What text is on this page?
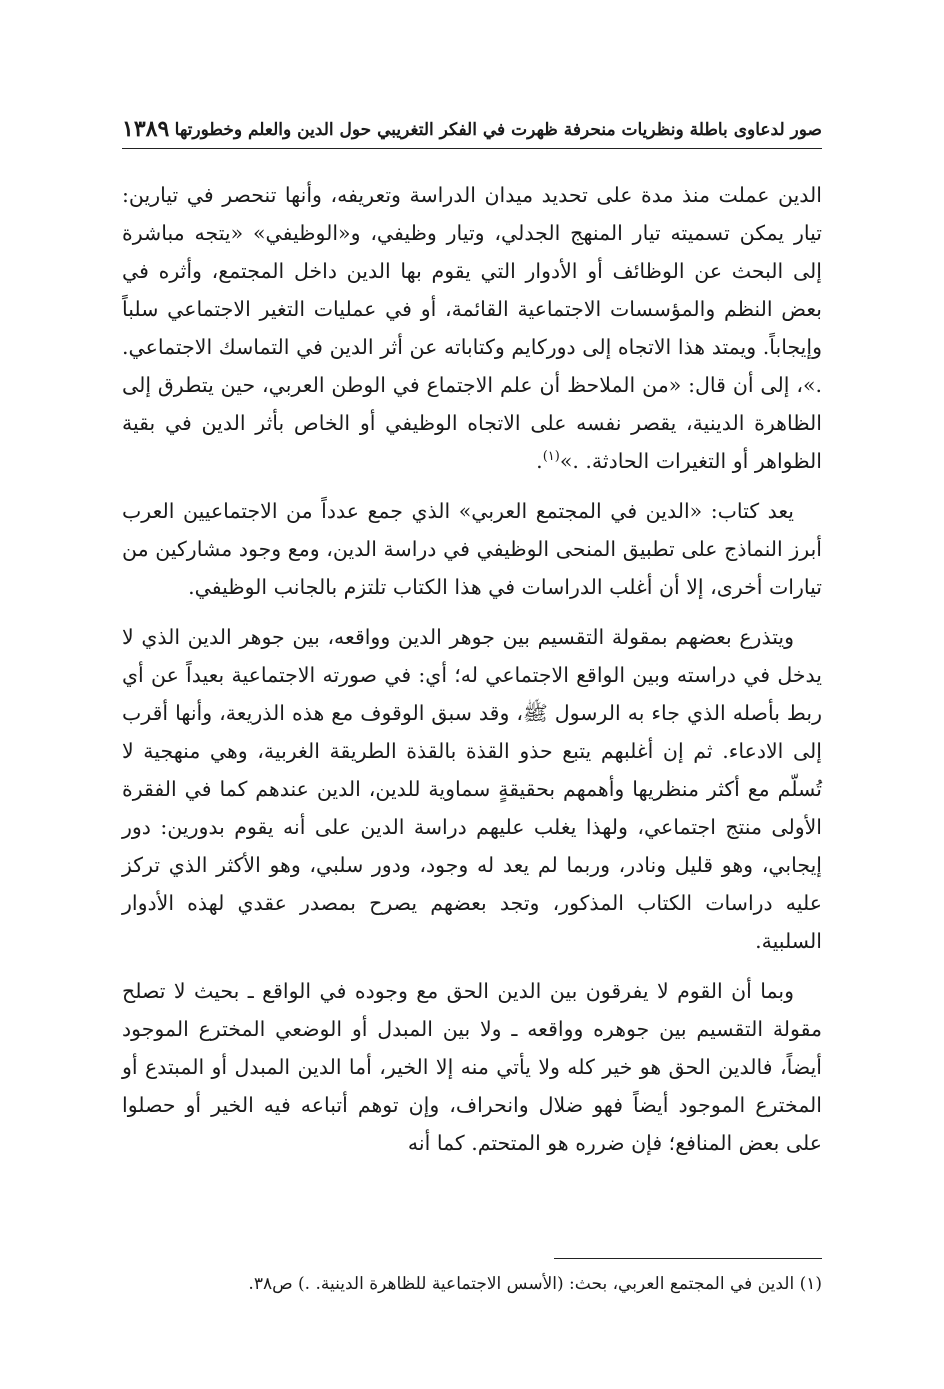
صور لدعاوى باطلة ونظريات منحرفة ظهرت في الفكر التغريبي حول الدين والعلم وخطورتها
١٣٨٩

الدين عملت منذ مدة على تحديد ميدان الدراسة وتعريفه، وأنها تنحصر في تيارين: تيار يمكن تسميته تيار المنهج الجدلي، وتيار وظيفي، و«الوظيفي» «يتجه مباشرة إلى البحث عن الوظائف أو الأدوار التي يقوم بها الدين داخل المجتمع، وأثره في بعض النظم والمؤسسات الاجتماعية القائمة، أو في عمليات التغير الاجتماعي سلباً وإيجاباً. ويمتد هذا الاتجاه إلى دوركايم وكتاباته عن أثر الدين في التماسك الاجتماعي. .»، إلى أن قال: «من الملاحظ أن علم الاجتماع في الوطن العربي، حين يتطرق إلى الظاهرة الدينية، يقصر نفسه على الاتجاه الوظيفي أو الخاص بأثر الدين في بقية الظواهر أو التغيرات الحادثة. .»$^{(١)}$.

يعد كتاب: «الدين في المجتمع العربي» الذي جمع عدداً من الاجتماعيين العرب أبرز النماذج على تطبيق المنحى الوظيفي في دراسة الدين، ومع وجود مشاركين من تيارات أخرى، إلا أن أغلب الدراسات في هذا الكتاب تلتزم بالجانب الوظيفي.

ويتذرع بعضهم بمقولة التقسيم بين جوهر الدين وواقعه، بين جوهر الدين الذي لا يدخل في دراسته وبين الواقع الاجتماعي له؛ أي: في صورته الاجتماعية بعيداً عن أي ربط بأصله الذي جاء به الرسول ﷺ، وقد سبق الوقوف مع هذه الذريعة، وأنها أقرب إلى الادعاء. ثم إن أغلبهم يتبع حذو القذة بالقذة الطريقة الغربية، وهي منهجية لا تُسلّم مع أكثر منظريها وأهمهم بحقيقةٍ سماوية للدين، الدين عندهم كما في الفقرة الأولى منتج اجتماعي، ولهذا يغلب عليهم دراسة الدين على أنه يقوم بدورين: دور إيجابي، وهو قليل ونادر، وربما لم يعد له وجود، ودور سلبي، وهو الأكثر الذي تركز عليه دراسات الكتاب المذكور، وتجد بعضهم يصرح بمصدر عقدي لهذه الأدوار السلبية.

وبما أن القوم لا يفرقون بين الدين الحق مع وجوده في الواقع ـ بحيث لا تصلح مقولة التقسيم بين جوهره وواقعه ـ ولا بين المبدل أو الوضعي المخترع الموجود أيضاً، فالدين الحق هو خير كله ولا يأتي منه إلا الخير، أما الدين المبدل أو المبتدع أو المخترع الموجود أيضاً فهو ضلال وانحراف، وإن توهم أتباعه فيه الخير أو حصلوا على بعض المنافع؛ فإن ضرره هو المتحتم. كما أنه

(١) الدين في المجتمع العربي، بحث: (الأسس الاجتماعية للظاهرة الدينية. .) ص٣٨.
